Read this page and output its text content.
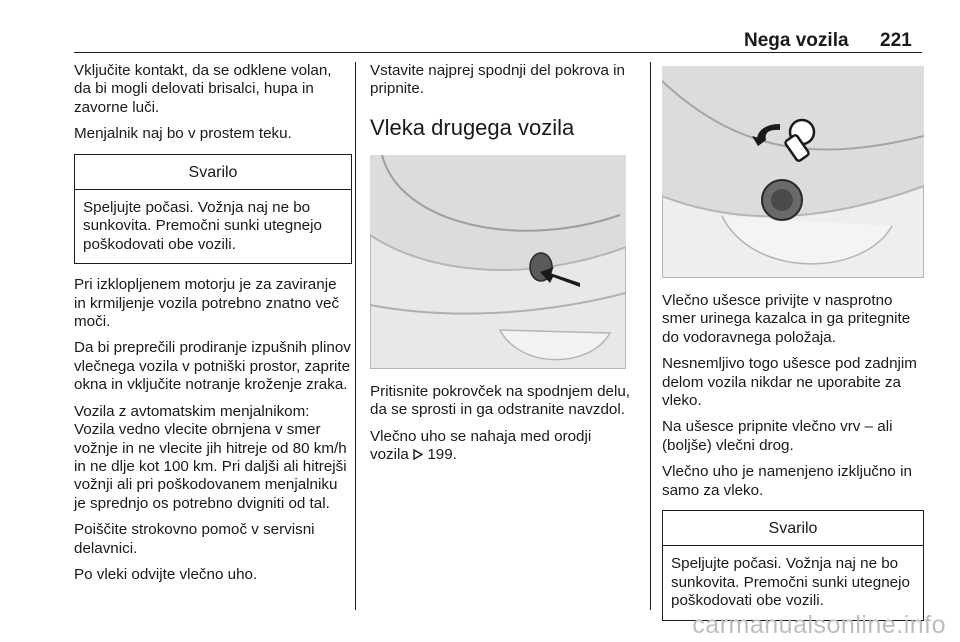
Nega vozila 221

Vključite kontakt, da se odklene volan, da bi mogli delovati brisalci, hupa in zavorne luči.

Menjalnik naj bo v prostem teku.

Svarilo
Speljujte počasi. Vožnja naj ne bo sunkovita. Premočni sunki utegnejo poškodovati obe vozili.

Pri izklopljenem motorju je za zaviranje in krmiljenje vozila potrebno znatno več moči.

Da bi preprečili prodiranje izpušnih plinov vlečnega vozila v potniški prostor, zaprite okna in vključite notranje kroženje zraka.

Vozila z avtomatskim menjalnikom: Vozila vedno vlecite obrnjena v smer vožnje in ne vlecite jih hitreje od 80 km/h in ne dlje kot 100 km. Pri daljši ali hitrejši vožnji ali pri poškodovanem menjalniku je sprednjo os potrebno dvigniti od tal.

Poiščite strokovno pomoč v servisni delavnici.

Po vleki odvijte vlečno uho.

Vstavite najprej spodnji del pokrova in pripnite.

Vleka drugega vozila

Pritisnite pokrovček na spodnjem delu, da se sprosti in ga odstranite navzdol.

Vlečno uho se nahaja med orodji vozila 199.

Vlečno ušesce privijte v nasprotno smer urinega kazalca in ga pritegnite do vodoravnega položaja.

Nesnemljivo togo ušesce pod zadnjim delom vozila nikdar ne uporabite za vleko.

Na ušesce pripnite vlečno vrv – ali (boljše) vlečni drog.

Vlečno uho je namenjeno izključno in samo za vleko.

Svarilo
Speljujte počasi. Vožnja naj ne bo sunkovita. Premočni sunki utegnejo poškodovati obe vozili.
carmanualsonline.info
